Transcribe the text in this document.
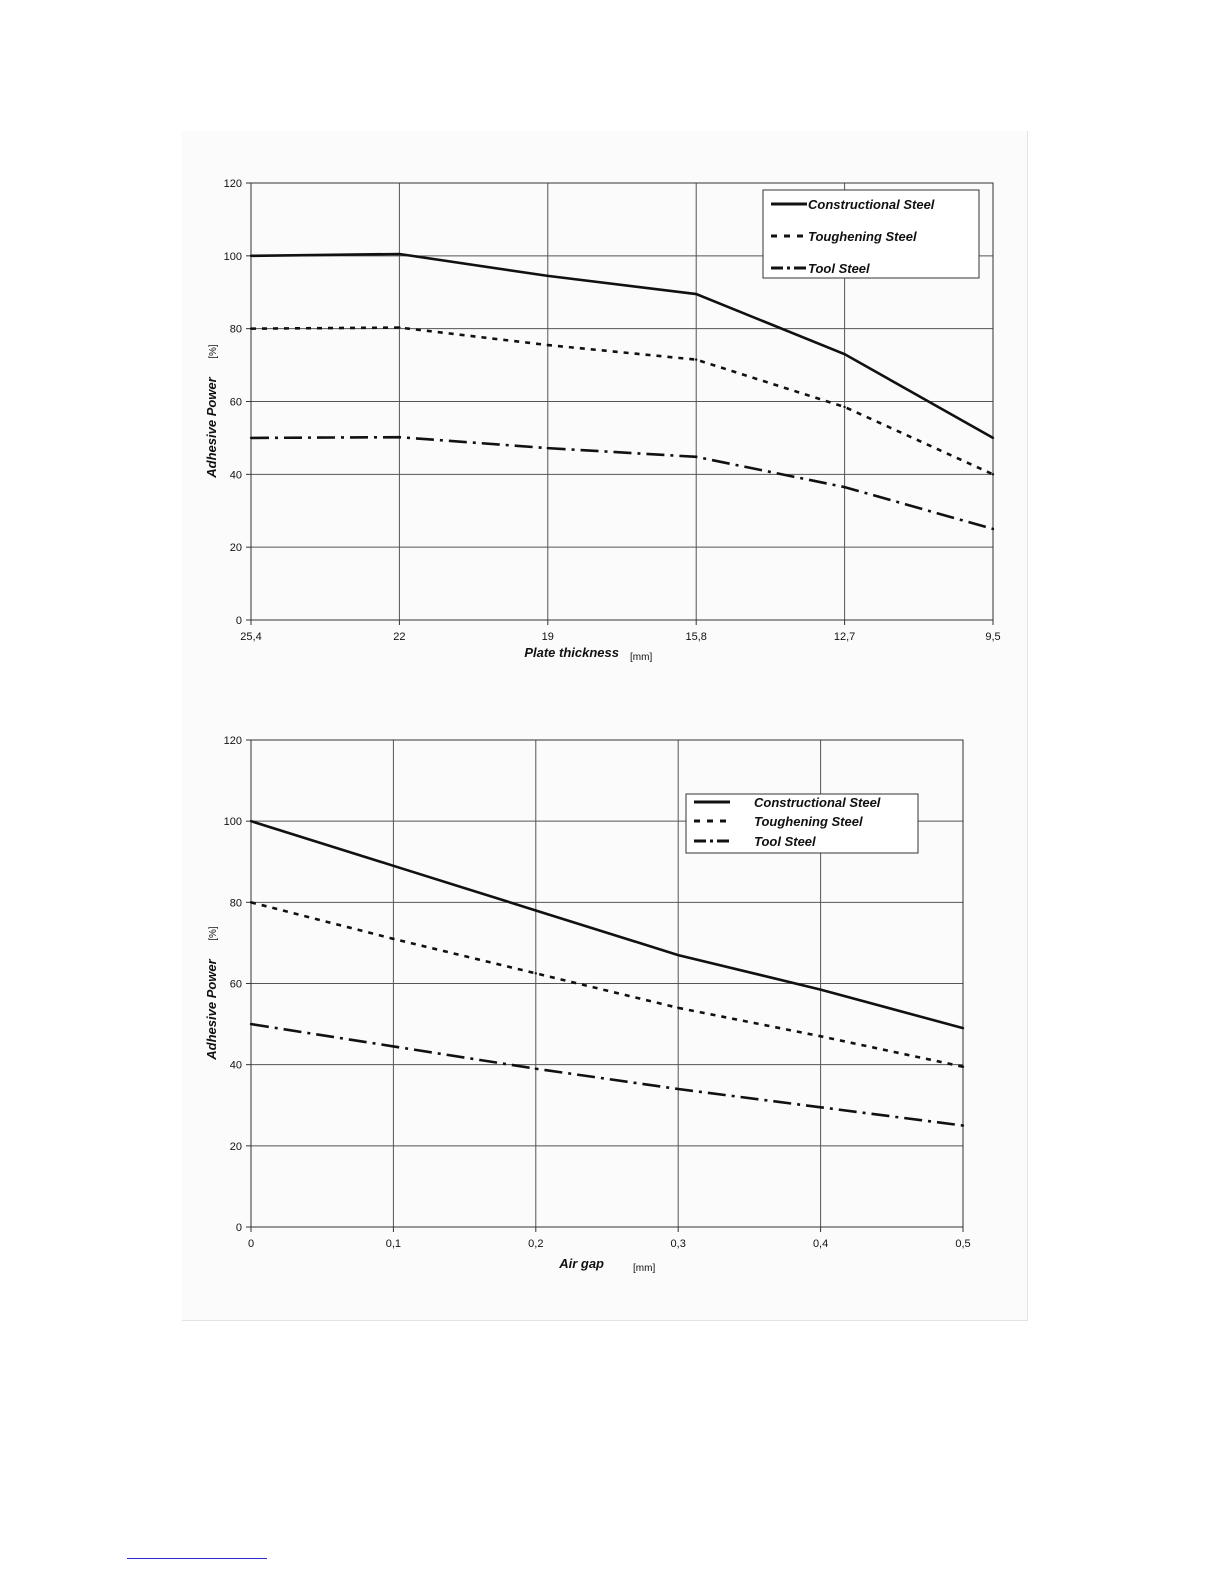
0
20
40
60
80
100
120
25,4	22	19	15,8	12,7	9,5
Adhesive Power
[%]
Plate thickness [mm]
Constructional Steel
Toughening Steel
Tool Steel
0
20
40
60
80
100
120
0	0,1	0,2	0,3	0,4	0,5
Adhesive Power
[%]
Air gap	[mm]
Constructional Steel
Toughening Steel
Tool Steel
